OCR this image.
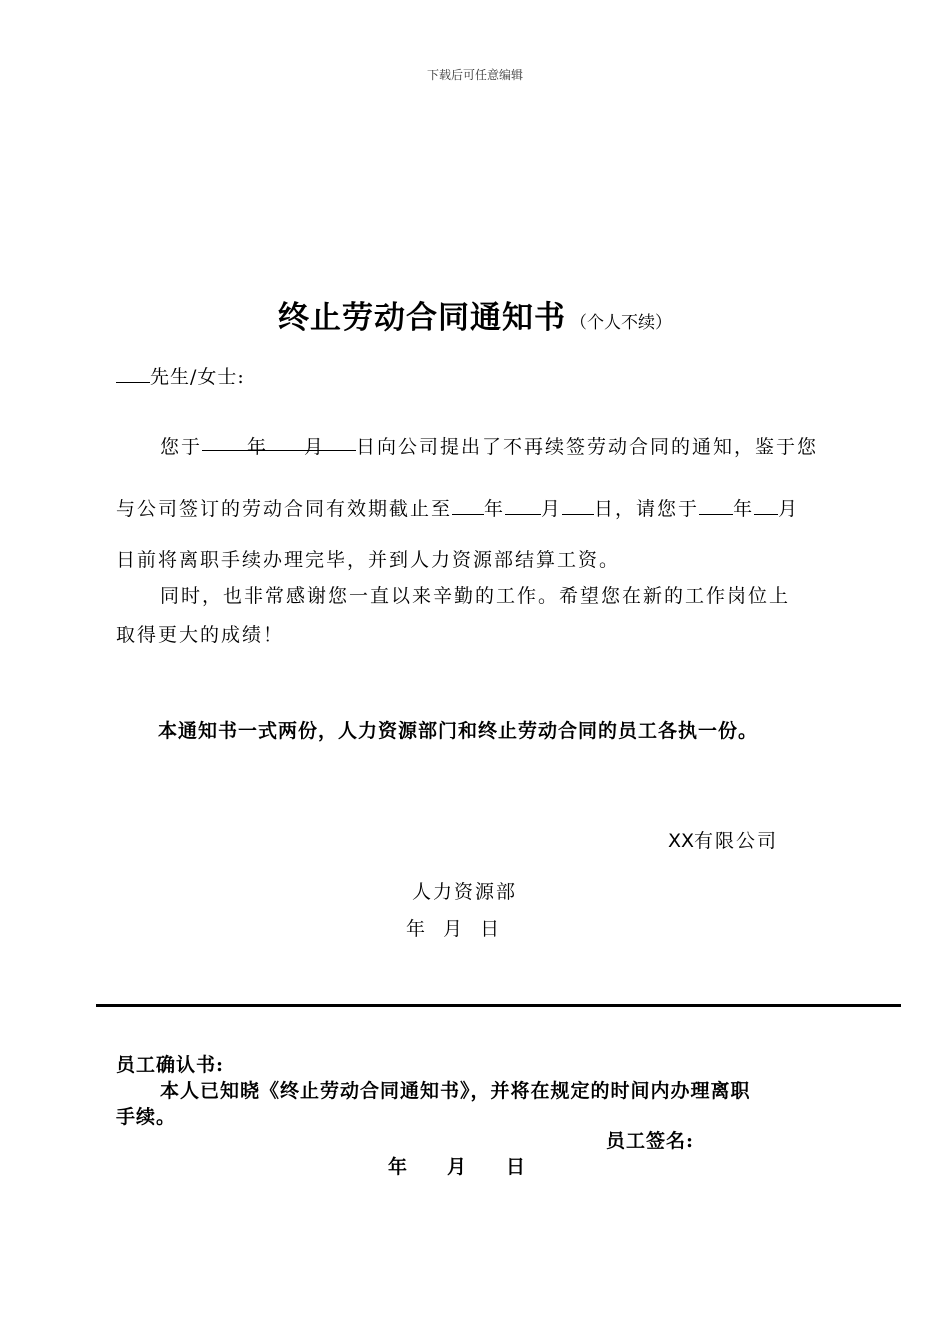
下载后可任意编辑
终止劳动合同通知书 （个人不续）
先生/女士:
您于 年 月 日向公司提出了不再续签劳动合同的通知，鉴于您
与公司签订的劳动合同有效期截止至 年 月 日，请您于 年 月
日前将离职手续办理完毕，并到人力资源部结算工资。
同时，也非常感谢您一直以来辛勤的工作。希望您在新的工作岗位上
取得更大的成绩！
本通知书一式两份，人力资源部门和终止劳动合同的员工各执一份。
XX有限公司
人力资源部
年  月  日
员工确认书:
本人已知晓《终止劳动合同通知书》，并将在规定的时间内办理离职
手续。
员工签名:
年 月 日
